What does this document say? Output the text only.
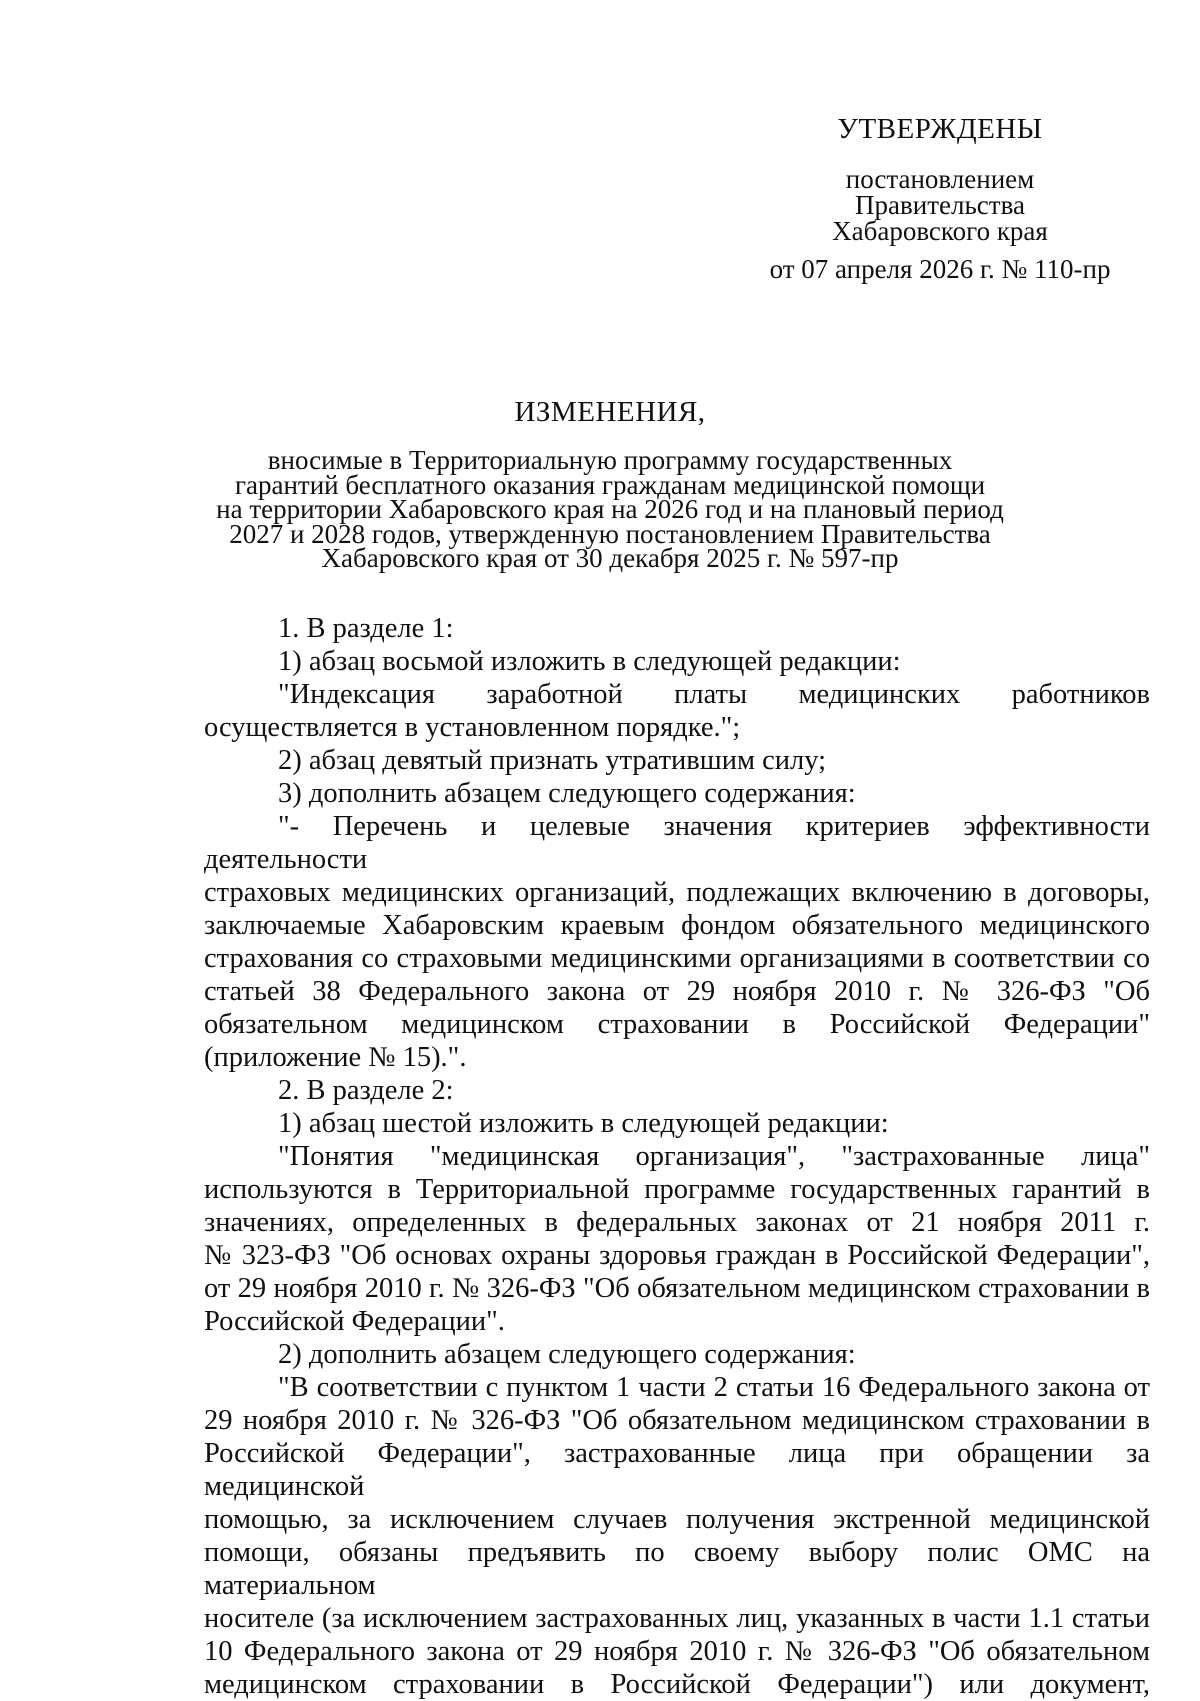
УТВЕРЖДЕНЫ
постановлением
Правительства
Хабаровского края
от 07 апреля 2026 г. № 110-пр
ИЗМЕНЕНИЯ,
вносимые в Территориальную программу государственных
гарантий бесплатного оказания гражданам медицинской помощи
на территории Хабаровского края на 2026 год и на плановый период
2027 и 2028 годов, утвержденную постановлением Правительства
Хабаровского края от 30 декабря 2025 г. № 597-пр
1. В разделе 1:
1) абзац восьмой изложить в следующей редакции:
"Индексация заработной платы медицинских работников
осуществляется в установленном порядке.";
2) абзац девятый признать утратившим силу;
3) дополнить абзацем следующего содержания:
"- Перечень и целевые значения критериев эффективности деятельности
страховых медицинских организаций, подлежащих включению в договоры,
заключаемые Хабаровским краевым фондом обязательного медицинского
страхования со страховыми медицинскими организациями в соответствии со
статьей 38 Федерального закона от 29 ноября 2010 г. № 326-ФЗ "Об
обязательном медицинском страховании в Российской Федерации"
(приложение № 15).".
2. В разделе 2:
1) абзац шестой изложить в следующей редакции:
"Понятия "медицинская организация", "застрахованные лица"
используются в Территориальной программе государственных гарантий в
значениях, определенных в федеральных законах от 21 ноября 2011 г.
№ 323-ФЗ "Об основах охраны здоровья граждан в Российской Федерации",
от 29 ноября 2010 г. № 326-ФЗ "Об обязательном медицинском страховании в
Российской Федерации".
2) дополнить абзацем следующего содержания:
"В соответствии с пунктом 1 части 2 статьи 16 Федерального закона от
29 ноября 2010 г. № 326-ФЗ "Об обязательном медицинском страховании в
Российской Федерации", застрахованные лица при обращении за медицинской
помощью, за исключением случаев получения экстренной медицинской
помощи, обязаны предъявить по своему выбору полис ОМС на материальном
носителе (за исключением застрахованных лиц, указанных в части 1.1 статьи
10 Федерального закона от 29 ноября 2010 г. № 326-ФЗ "Об обязательном
медицинском страховании в Российской Федерации") или документ,
